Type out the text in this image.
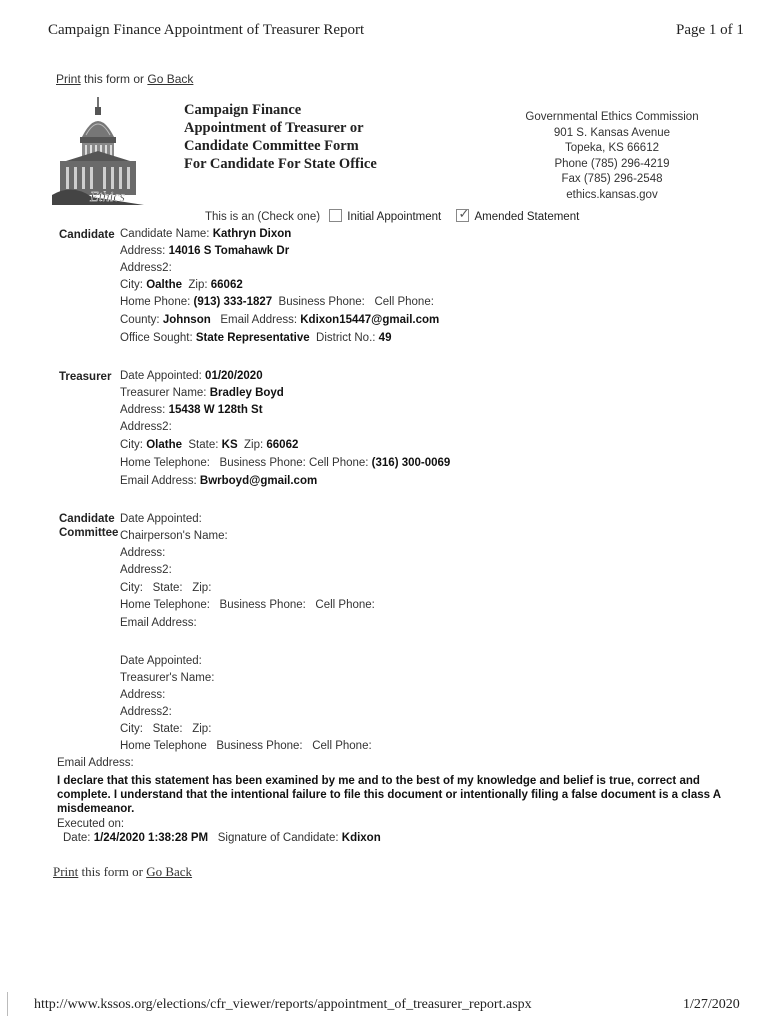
Campaign Finance Appointment of Treasurer Report	Page 1 of 1
Print this form or Go Back
Ethics
Campaign Finance
Appointment of Treasurer or
Candidate Committee Form
For Candidate For State Office
Governmental Ethics Commission
901 S. Kansas Avenue
Topeka, KS 66612
Phone (785) 296-4219
Fax (785) 296-2548
ethics.kansas.gov
This is an (Check one) Initial Appointment ✓ Amended Statement
Candidate Candidate Name: Kathryn Dixon
Address: 14016 S Tomahawk Dr
Address2:
City: Oalthe  Zip: 66062
Home Phone: (913) 333-1827  Business Phone:   Cell Phone:
County: Johnson   Email Address: Kdixon15447@gmail.com
Office Sought: State Representative  District No.: 49
Treasurer Date Appointed: 01/20/2020
Treasurer Name: Bradley Boyd
Address: 15438 W 128th St
Address2:
City: Olathe  State: KS  Zip: 66062
Home Telephone:   Business Phone: Cell Phone: (316) 300-0069
Email Address: Bwrboyd@gmail.com
Candidate
Committee
Date Appointed:
Chairperson's Name:
Address:
Address2:
City:   State:   Zip:
Home Telephone:   Business Phone:   Cell Phone:
Email Address:
Date Appointed:
Treasurer's Name:
Address:
Address2:
City:   State:   Zip:
Home Telephone   Business Phone:   Cell Phone:
Email Address:
I declare that this statement has been examined by me and to the best of my knowledge and belief is true, correct and complete. I understand that the intentional failure to file this document or intentionally filing a false document is a class A misdemeanor.
Executed on:
Date: 1/24/2020 1:38:28 PM   Signature of Candidate: Kdixon
Print this form or Go Back
http://www.kssos.org/elections/cfr_viewer/reports/appointment_of_treasurer_report.aspx	1/27/2020
